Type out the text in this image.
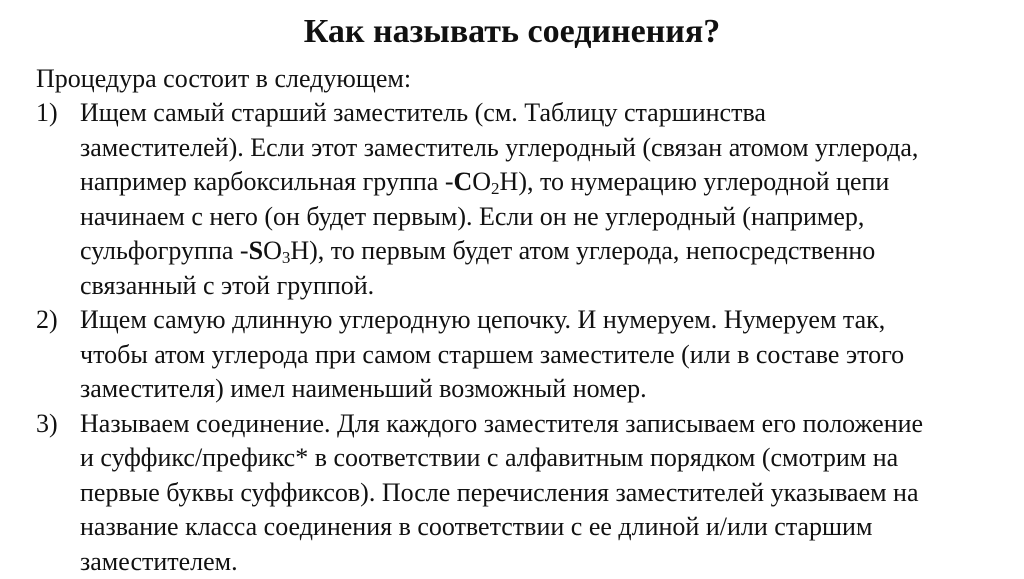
Как называть соединения?

Процедура состоит в следующем:

1) Ищем самый старший заместитель (см. Таблицу старшинства
заместителей). Если этот заместитель углеродный (связан атомом углерода,
например карбоксильная группа $-CO_2H$), то нумерацию углеродной цепи
начинаем с него (он будет первым). Если он не углеродный (например,
сульфогруппа $-SO_3H$), то первым будет атом углерода, непосредственно
связанный с этой группой.
2) Ищем самую длинную углеродную цепочку. И нумеруем. Нумеруем так,
чтобы атом углерода при самом старшем заместителе (или в составе этого
заместителя) имел наименьший возможный номер.
3) Называем соединение. Для каждого заместителя записываем его положение
и суффикс/префикс* в соответствии с алфавитным порядком (смотрим на
первые буквы суффиксов). После перечисления заместителей указываем на
название класса соединения в соответствии с ее длиной и/или старшим
заместителем.
